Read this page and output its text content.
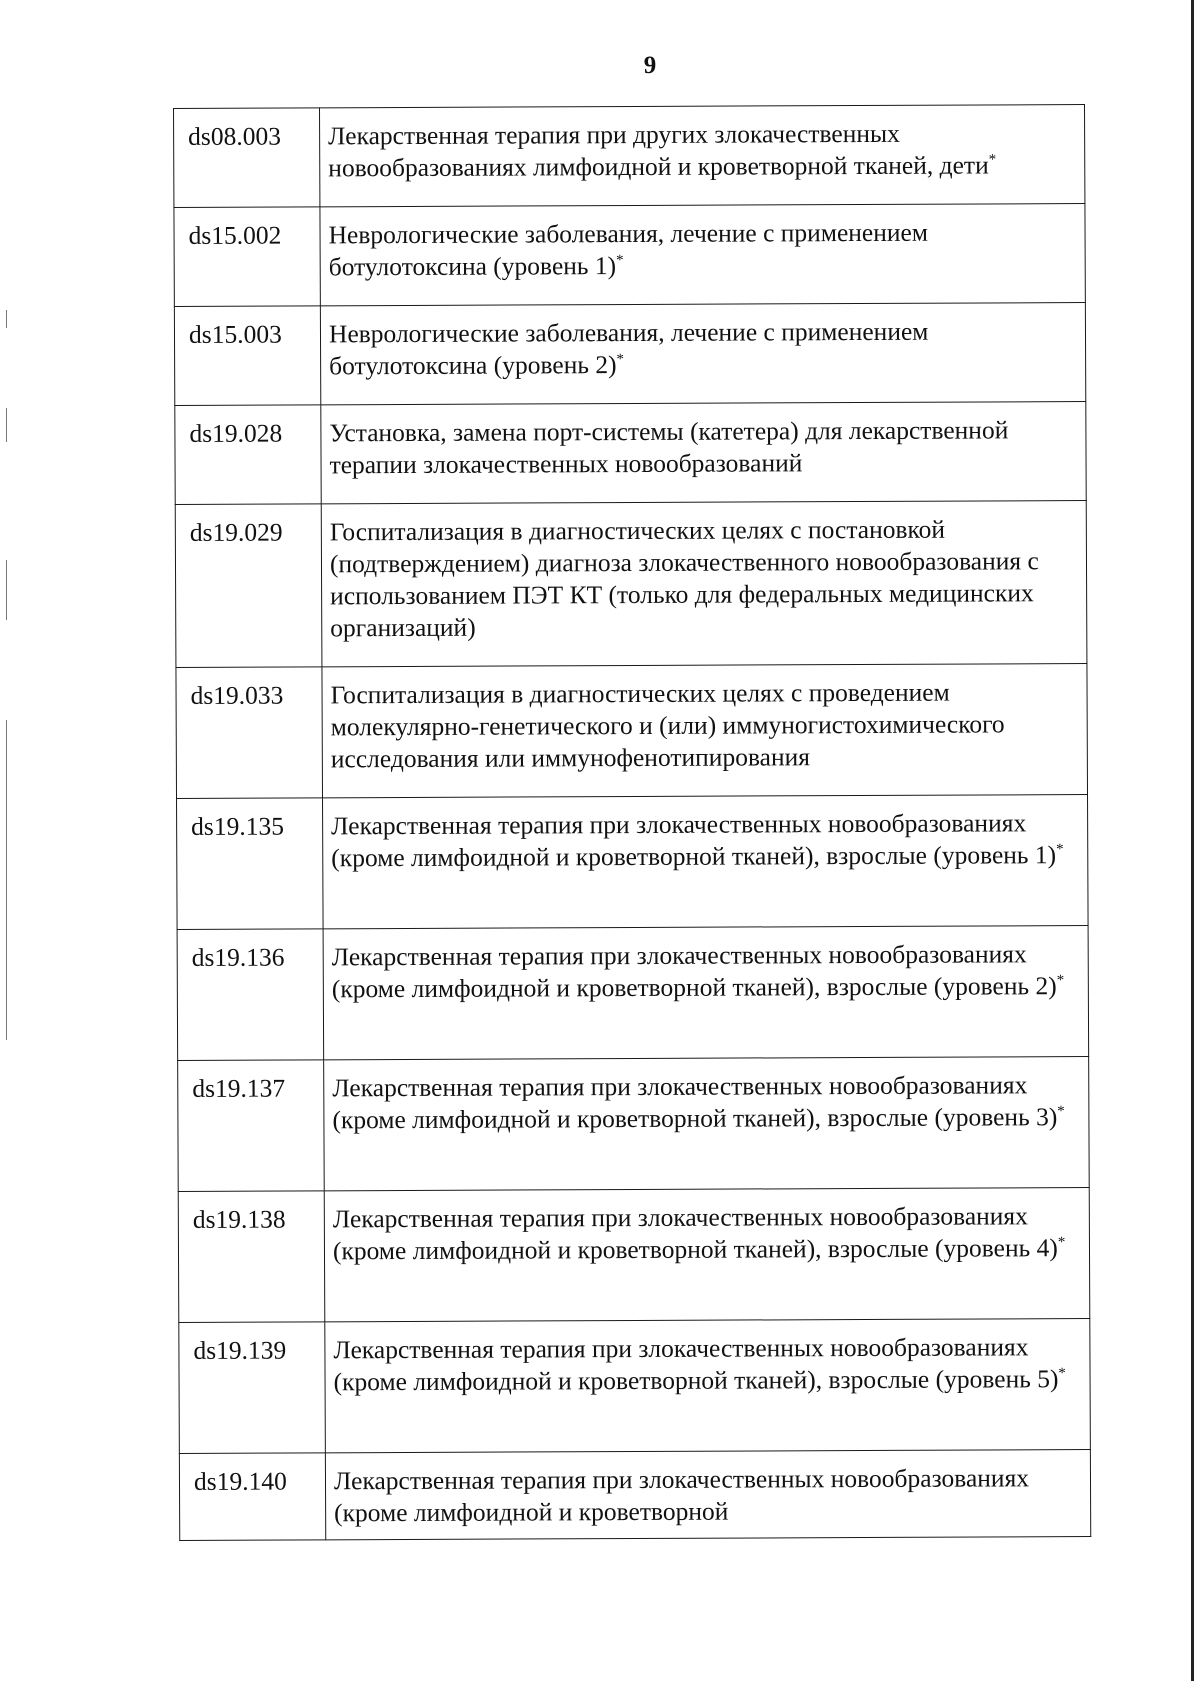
9
ds08.003	Лекарственная терапия при других злокачественных новообразованиях лимфоидной и кроветворной тканей, дети*
ds15.002	Неврологические заболевания, лечение с применением ботулотоксина (уровень 1)*
ds15.003	Неврологические заболевания, лечение с применением ботулотоксина (уровень 2)*
ds19.028	Установка, замена порт-системы (катетера) для лекарственной терапии злокачественных новообразований
ds19.029	Госпитализация в диагностических целях с постановкой (подтверждением) диагноза злокачественного новообразования с использованием ПЭТ КТ (только для федеральных медицинских организаций)
ds19.033	Госпитализация в диагностических целях с проведением молекулярно-генетического и (или) иммуногистохимического исследования или иммунофенотипирования
ds19.135	Лекарственная терапия при злокачественных новообразованиях (кроме лимфоидной и кроветворной тканей), взрослые (уровень 1)*
ds19.136	Лекарственная терапия при злокачественных новообразованиях (кроме лимфоидной и кроветворной тканей), взрослые (уровень 2)*
ds19.137	Лекарственная терапия при злокачественных новообразованиях (кроме лимфоидной и кроветворной тканей), взрослые (уровень 3)*
ds19.138	Лекарственная терапия при злокачественных новообразованиях (кроме лимфоидной и кроветворной тканей), взрослые (уровень 4)*
ds19.139	Лекарственная терапия при злокачественных новообразованиях (кроме лимфоидной и кроветворной тканей), взрослые (уровень 5)*
ds19.140	Лекарственная терапия при злокачественных новообразованиях (кроме лимфоидной и кроветворной
